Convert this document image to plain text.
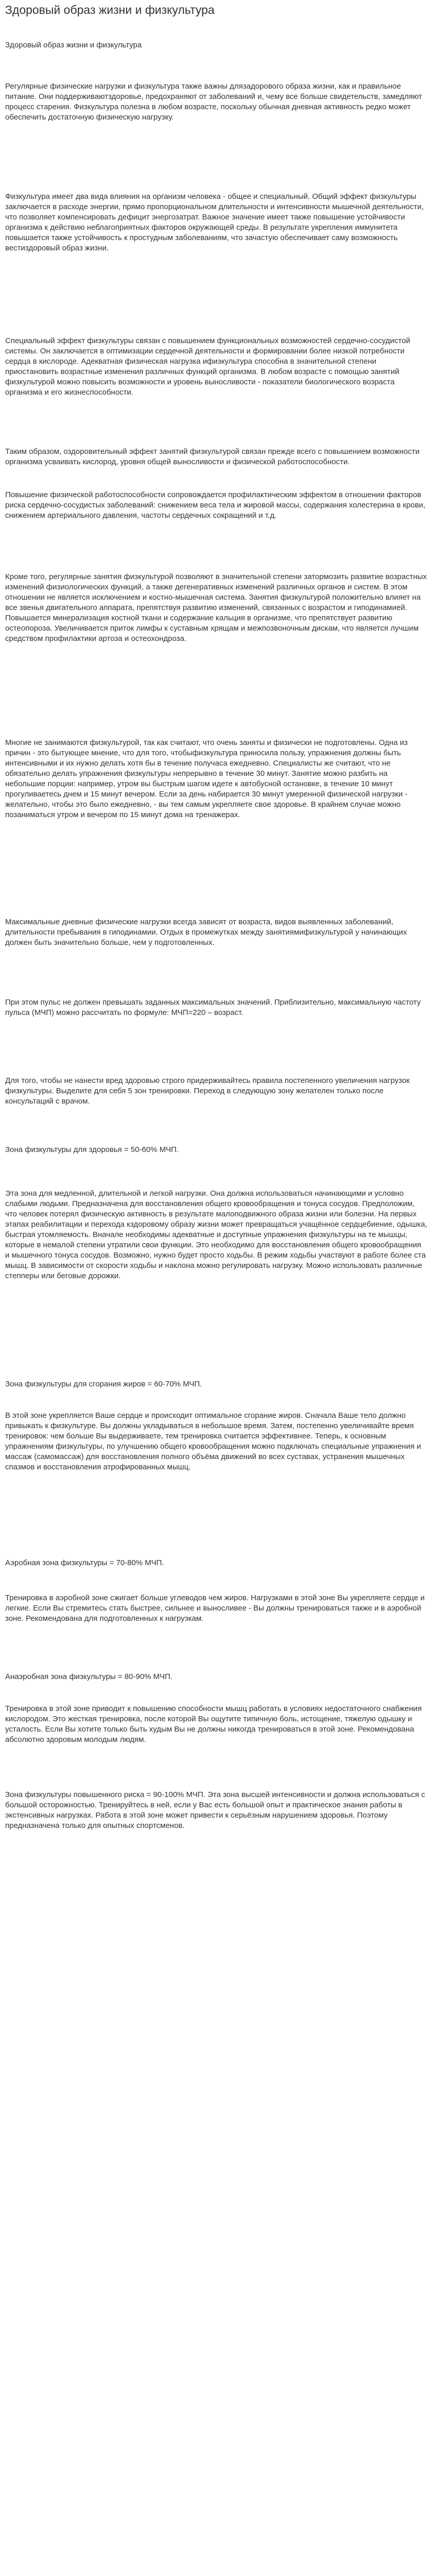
Здоровый образ жизни и физкультура

Здоровый образ жизни и физкультура

Регулярные физические нагрузки и физкультура также важны длязадорового образа жизни, как и правильное питание. Они поддерживаютздоровье, предохраняют от заболеваний и, чему все больше свидетельств, замедляют процесс старения. Физкультура полезна в любом возрасте, поскольку обычная дневная активность редко может обеспечить достаточную физическую нагрузку.

Физкультура имеет два вида влияния на организм человека - общее и специальный. Общий эффект физкультуры заключается в расходе энергии, прямо пропорциональном длительности и интенсивности мышечной деятельности, что позволяет компенсировать дефицит энергозатрат. Важное значение имеет также повышение устойчивости организма к действию неблагоприятных факторов окружающей среды. В результате укрепления иммунитета повышается также устойчивость к простудным заболеваниям, что зачастую обеспечивает саму возможность вестиздоровый образ жизни.

Специальный эффект физкультуры связан с повышением функциональных возможностей сердечно-сосудистой системы. Он заключается в оптимизации сердечной деятельности и формировании более низкой потребности сердца в кислороде. Адекватная физическая нагрузка ифизкультура способна в значительной степени приостановить возрастные изменения различных функций организма. В любом возрасте с помощью занятий физкультурой можно повысить возможности и уровень выносливости - показатели биологического возраста организма и его жизнеспособности.

Таким образом, оздоровительный эффект занятий физкультурой связан прежде всего с повышением возможности организма усваивать кислород, уровня общей выносливости и физической работоспособности.

Повышение физической работоспособности сопровождается профилактическим эффектом в отношении факторов риска сердечно-сосудистых заболеваний: снижением веса тела и жировой массы, содержания холестерина в крови, снижением артериального давления, частоты сердечных сокращений и т.д.

Кроме того, регулярные занятия физкультурой позволяют в значительной степени затормозить развитие возрастных изменений физиологических функций, а также дегенеративных изменений различных органов и систем. В этом отношении не является исключением и костно-мышечная система. Занятия физкультурой положительно влияет на все звенья двигательного аппарата, препятствуя развитию изменений, связанных с возрастом и гиподинамией. Повышается минерализация костной ткани и содержание кальция в организме, что препятствует развитию остеопороза. Увеличивается приток лимфы к суставным хрящам и межпозвоночным дискам, что является лучшим средством профилактики артоза и остеохондроза.

Многие не занимаются физкультурой, так как считают, что очень заняты и физически не подготовлены. Одна из причин - это бытующее мнение, что для того, чтобыфизкультура приносила пользу, упражнения должны быть интенсивными и их нужно делать хотя бы в течение получаса ежедневно. Специалисты же считают, что не обязательно делать упражнения физкультуры непрерывно в течение 30 минут. Занятие можно разбить на небольшие порции: например, утром вы быстрым шагом идете к автобусной остановке, в течение 10 минут прогуливаетесь днем и 15 минут вечером. Если за день набирается 30 минут умеренной физической нагрузки - желательно, чтобы это было ежедневно, - вы тем самым укрепляете свое здоровье. В крайнем случае можно позаниматься утром и вечером по 15 минут дома на тренажерах.

Максимальные дневные физические нагрузки всегда зависят от возраста, видов выявленных заболеваний, длительности пребывания в гиподинамии. Отдых в промежутках между занятиямифизкультурой у начинающих должен быть значительно больше, чем у подготовленных.

При этом пульс не должен превышать заданных максимальных значений. Приблизительно, максимальную частоту пульса (МЧП) можно рассчитать по формуле: МЧП=220 – возраст.

Для того, чтобы не нанести вред здоровью строго придерживайтесь правила постепенного увеличения нагрузок физкультуры. Выделите для себя 5 зон тренировки. Переход в следующую зону желателен только после консультаций с врачом.

Зона физкультуры для здоровья = 50-60% МЧП.

Эта зона для медленной, длительной и легкой нагрузки. Она должна использоваться начинающими и условно слабыми людьми. Предназначена для восстановления общего кровообращения и тонуса сосудов. Предположим, что человек потерял физическую активность в результате малоподвижного образа жизни или болезни. На первых этапах реабилитации и перехода кздоровому образу жизни может превращаться учащённое сердцебиение, одышка, быстрая утомляемость. Вначале необходимы адекватные и доступные упражнения физкультуры на те мышцы, которые в немалой степени утратили свои функции. Это необходимо для восстановления общего кровообращения и мышечного тонуса сосудов. Возможно, нужно будет просто ходьбы. В режим ходьбы участвуют в работе более ста мышц. В зависимости от скорости ходьбы и наклона можно регулировать нагрузку. Можно использовать различные степперы или беговые дорожки.

Зона физкультуры для сгорания жиров = 60-70% МЧП.

В этой зоне укрепляется Ваше сердце и происходит оптимальное сгорание жиров. Сначала Ваше тело должно привыкать к физкультуре. Вы должны укладываться в небольшое время. Затем, постепенно увеличивайте время тренировок: чем больше Вы выдерживаете, тем тренировка считается эффективнее. Теперь, к основным упражнениям физкультуры, по улучшению общего кровообращения можно подключать специальные упражнения и массаж (самомассаж) для восстановления полного объёма движений во всех суставах, устранения мышечных спазмов и восстановления атрофированных мышц.

Аэробная зона физкультуры = 70-80% МЧП.

Тренировка в аэробной зоне сжигает больше углеводов чем жиров. Нагрузками в этой зоне Вы укрепляете сердце и легкие. Если Вы стремитесь стать быстрее, сильнее и выносливее - Вы должны тренироваться также и в аэробной зоне. Рекомендована для подготовленных к нагрузкам.

Анаэробная зона физкультуры = 80-90% МЧП.

Тренировка в этой зоне приводит к повышению способности мышц работать в условиях недостаточного снабжения кислородом. Это жесткая тренировка, после которой Вы ощутите типичную боль, истощение, тяжелую одышку и усталость. Если Вы хотите только быть худым Вы не должны никогда тренироваться в этой зоне. Рекомендована абсолютно здоровым молодым людям.

Зона физкультуры повышенного риска = 90-100% МЧП. Эта зона высшей интенсивности и должна использоваться с большой осторожностью. Тренируйтесь в ней, если у Вас есть большой опыт и практическое знания работы в экстенсивных нагрузках. Работа в этой зоне может привести к серьёзным нарушением здоровья. Поэтому предназначена только для опытных спортсменов.
